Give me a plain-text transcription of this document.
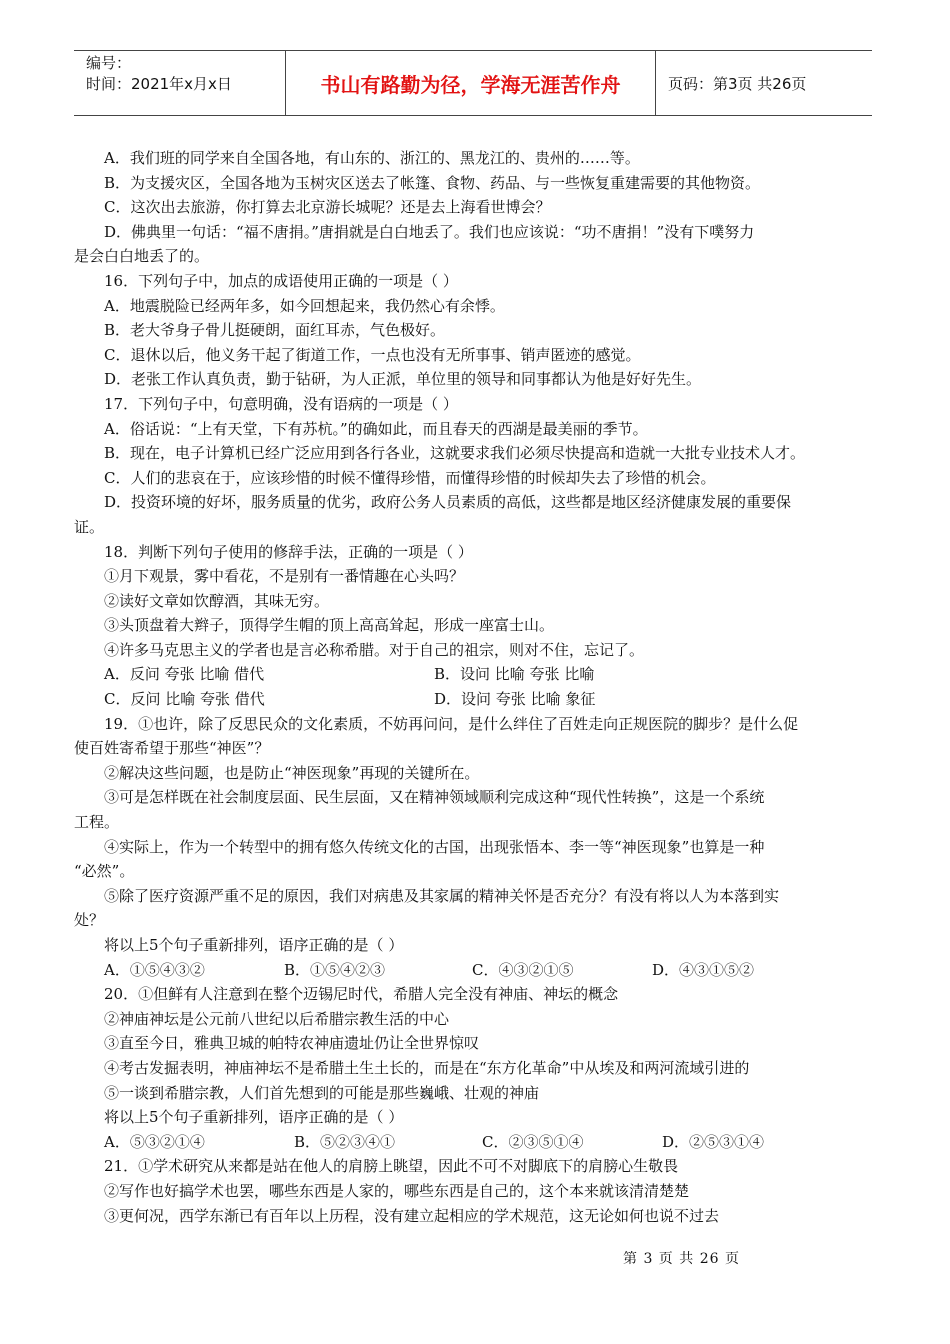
编号：
时间：2021年x月x日	书山有路勤为径，学海无涯苦作舟	页码：第3页 共26页

A．我们班的同学来自全国各地，有山东的、浙江的、黑龙江的、贵州的……等。

B．为支援灾区，全国各地为玉树灾区送去了帐篷、食物、药品、与一些恢复重建需要的其他物资。

C．这次出去旅游，你打算去北京游长城呢？还是去上海看世博会？

D．佛典里一句话：“福不唐捐。”唐捐就是白白地丢了。我们也应该说：“功不唐捐！”没有下噗努力

是会白白地丢了的。

16．下列句子中，加点的成语使用正确的一项是（ ）

A．地震脱险已经两年多，如今回想起来，我仍然心有余悸。

B．老大爷身子骨儿挺硬朗，面红耳赤，气色极好。

C．退休以后，他义务干起了街道工作，一点也没有无所事事、销声匿迹的感觉。

D．老张工作认真负责，勤于钻研，为人正派，单位里的领导和同事都认为他是好好先生。

17．下列句子中，句意明确，没有语病的一项是（ ）

A．俗话说：“上有天堂，下有苏杭。”的确如此，而且春天的西湖是最美丽的季节。

B．现在，电子计算机已经广泛应用到各行各业，这就要求我们必须尽快提高和造就一大批专业技术人才。

C．人们的悲哀在于，应该珍惜的时候不懂得珍惜，而懂得珍惜的时候却失去了珍惜的机会。

D．投资环境的好坏，服务质量的优劣，政府公务人员素质的高低，这些都是地区经济健康发展的重要保

证。

18．判断下列句子使用的修辞手法，正确的一项是（ ）

①月下观景，雾中看花，不是别有一番情趣在心头吗？

②读好文章如饮醇酒，其味无穷。

③头顶盘着大辫子，顶得学生帽的顶上高高耸起，形成一座富士山。

④许多马克思主义的学者也是言必称希腊。对于自己的祖宗，则对不住，忘记了。

A．反问 夸张 比喻 借代	B．设问 比喻 夸张 比喻
C．反问 比喻 夸张 借代	D．设问 夸张 比喻 象征

19．①也许，除了反思民众的文化素质，不妨再问问，是什么绊住了百姓走向正规医院的脚步？是什么促

使百姓寄希望于那些“神医”？

②解决这些问题，也是防止“神医现象”再现的关键所在。

③可是怎样既在社会制度层面、民生层面，又在精神领域顺利完成这种“现代性转换”，这是一个系统

工程。

④实际上，作为一个转型中的拥有悠久传统文化的古国，出现张悟本、李一等“神医现象”也算是一种

“必然”。

⑤除了医疗资源严重不足的原因，我们对病患及其家属的精神关怀是否充分？有没有将以人为本落到实

处？

将以上5个句子重新排列，语序正确的是（ ）

A．①⑤④③②	B．①⑤④②③	C．④③②①⑤	D．④③①⑤②

20．①但鲜有人注意到在整个迈锡尼时代，希腊人完全没有神庙、神坛的概念

②神庙神坛是公元前八世纪以后希腊宗教生活的中心

③直至今日，雅典卫城的帕特农神庙遗址仍让全世界惊叹

④考古发掘表明，神庙神坛不是希腊土生土长的，而是在“东方化革命”中从埃及和两河流域引进的

⑤一谈到希腊宗教，人们首先想到的可能是那些巍峨、壮观的神庙

将以上5个句子重新排列，语序正确的是（ ）

A．⑤③②①④	B．⑤②③④①	C．②③⑤①④	D．②⑤③①④

21．①学术研究从来都是站在他人的肩膀上眺望，因此不可不对脚底下的肩膀心生敬畏

②写作也好搞学术也罢，哪些东西是人家的，哪些东西是自己的，这个本来就该清清楚楚

③更何况，西学东渐已有百年以上历程，没有建立起相应的学术规范，这无论如何也说不过去

第 3 页 共 26 页
